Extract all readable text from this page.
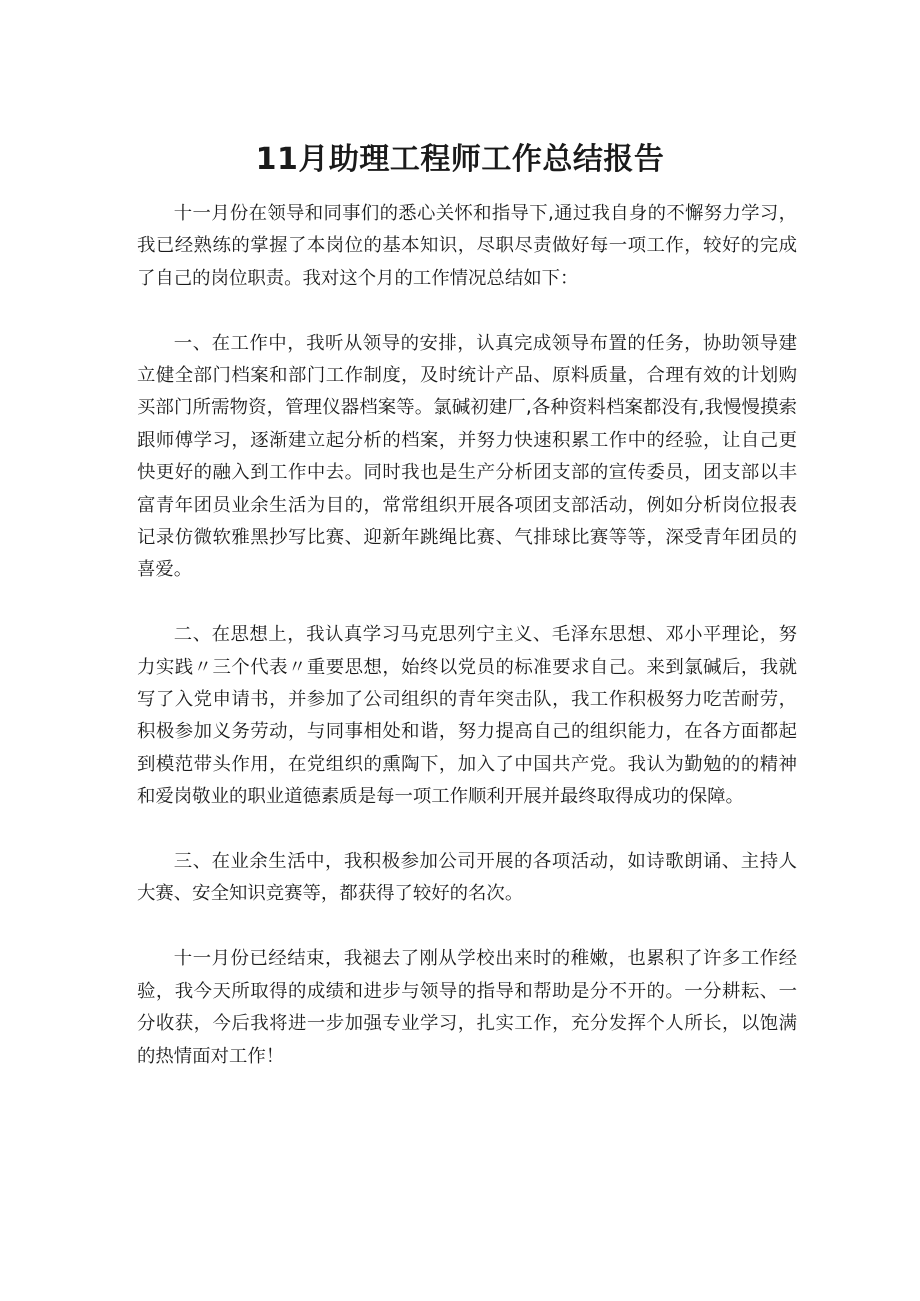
11月助理工程师工作总结报告

十一月份在领导和同事们的悉心关怀和指导下,通过我自身的不懈努力学习，我已经熟练的掌握了本岗位的基本知识，尽职尽责做好每一项工作，较好的完成了自己的岗位职责。我对这个月的工作情况总结如下：

一、在工作中，我听从领导的安排，认真完成领导布置的任务，协助领导建立健全部门档案和部门工作制度，及时统计产品、原料质量，合理有效的计划购买部门所需物资，管理仪器档案等。氯碱初建厂,各种资料档案都没有,我慢慢摸索跟师傅学习，逐渐建立起分析的档案，并努力快速积累工作中的经验，让自己更快更好的融入到工作中去。同时我也是生产分析团支部的宣传委员，团支部以丰富青年团员业余生活为目的，常常组织开展各项团支部活动，例如分析岗位报表记录仿微软雅黑抄写比赛、迎新年跳绳比赛、气排球比赛等等，深受青年团员的喜爱。

二、在思想上，我认真学习马克思列宁主义、毛泽东思想、邓小平理论，努力实践〃三个代表〃重要思想，始终以党员的标准要求自己。来到氯碱后，我就写了入党申请书，并参加了公司组织的青年突击队，我工作积极努力吃苦耐劳，积极参加义务劳动，与同事相处和谐，努力提高自己的组织能力，在各方面都起到模范带头作用，在党组织的熏陶下，加入了中国共产党。我认为勤勉的的精神和爱岗敬业的职业道德素质是每一项工作顺利开展并最终取得成功的保障。

三、在业余生活中，我积极参加公司开展的各项活动，如诗歌朗诵、主持人大赛、安全知识竞赛等，都获得了较好的名次。

十一月份已经结束，我褪去了刚从学校出来时的稚嫩，也累积了许多工作经验，我今天所取得的成绩和进步与领导的指导和帮助是分不开的。一分耕耘、一分收获，今后我将进一步加强专业学习，扎实工作，充分发挥个人所长，以饱满的热情面对工作！
